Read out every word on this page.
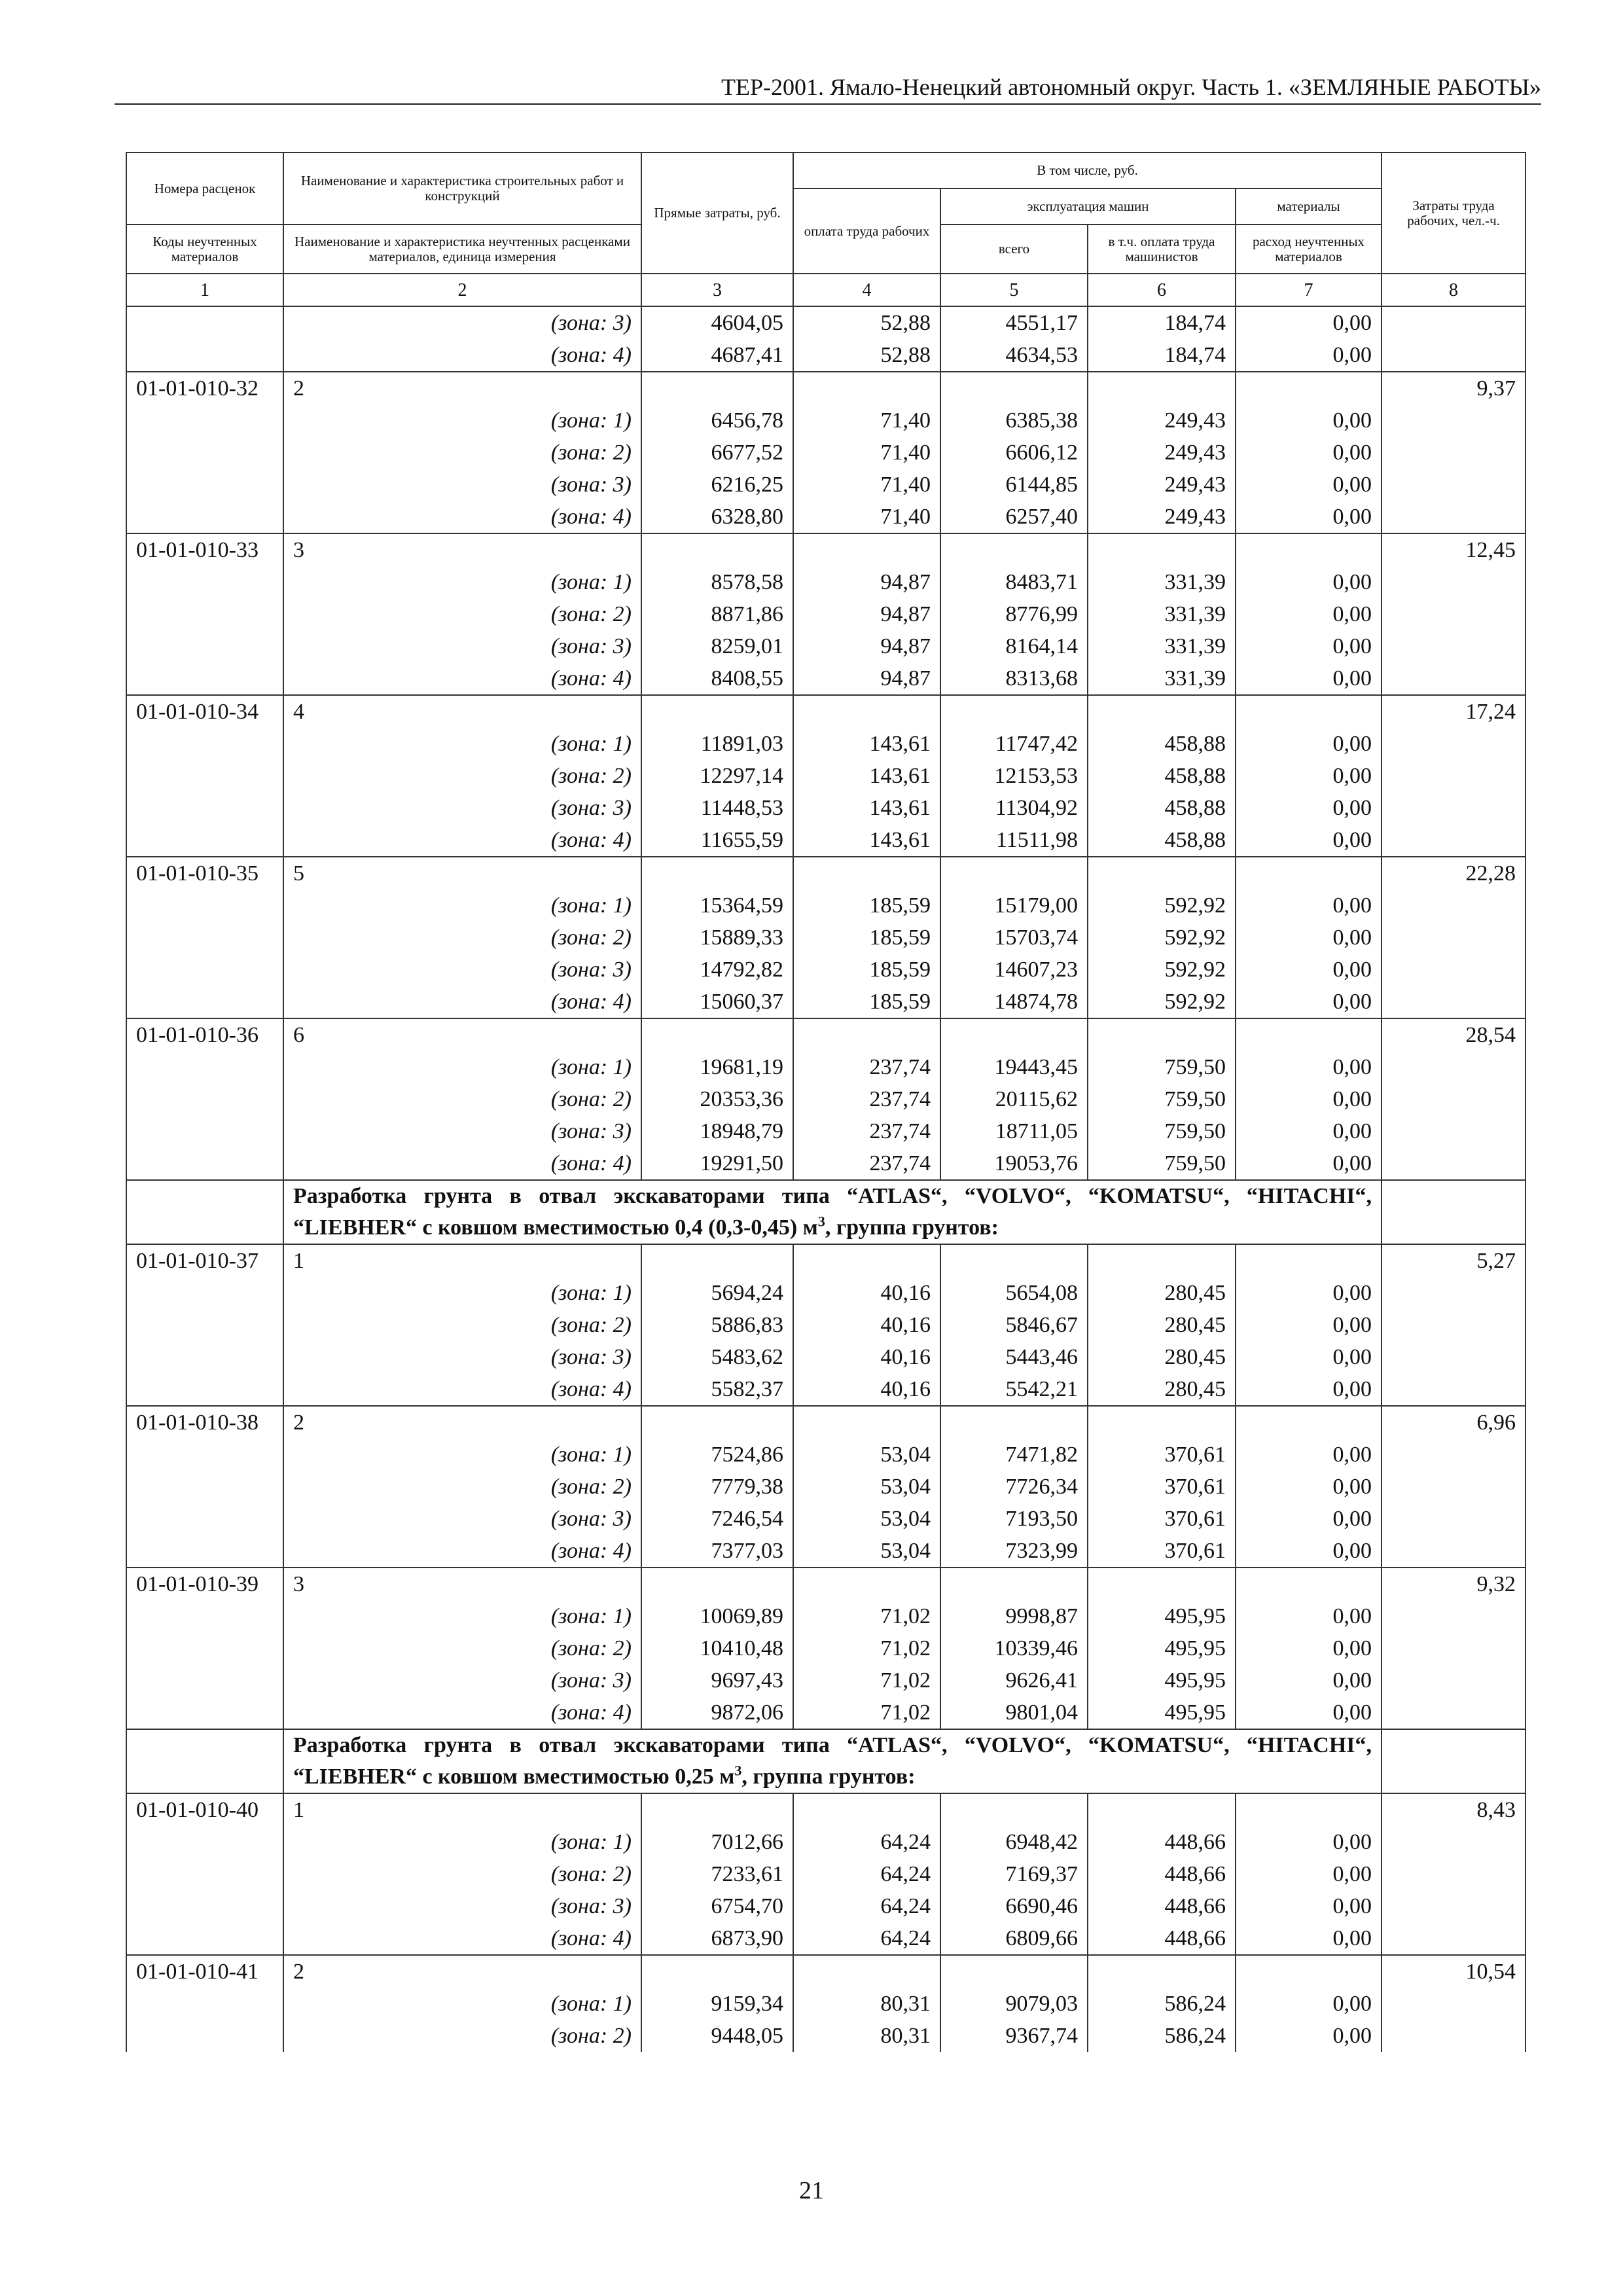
ТЕР-2001. Ямало-Ненецкий автономный округ. Часть 1. «ЗЕМЛЯНЫЕ РАБОТЫ»
Номера расценок	Наименование и характеристика строительных работ и конструкций	Прямые затраты, руб.	В том числе, руб.				Затраты труда рабочих, чел.-ч.
			оплата труда рабочих	эксплуатация машин		материалы	
Коды неучтенных материалов	Наименование и характеристика неучтенных расценками материалов, единица измерения			всего	в т.ч. оплата труда машинистов	расход неучтенных материалов	
1	2	3	4	5	6	7	8
	(зона: 3)	4604,05	52,88	4551,17	184,74	0,00	
	(зона: 4)	4687,41	52,88	4634,53	184,74	0,00	
01-01-010-32	2						9,37
	(зона: 1)	6456,78	71,40	6385,38	249,43	0,00	
	(зона: 2)	6677,52	71,40	6606,12	249,43	0,00	
	(зона: 3)	6216,25	71,40	6144,85	249,43	0,00	
	(зона: 4)	6328,80	71,40	6257,40	249,43	0,00	
01-01-010-33	3						12,45
	(зона: 1)	8578,58	94,87	8483,71	331,39	0,00	
	(зона: 2)	8871,86	94,87	8776,99	331,39	0,00	
	(зона: 3)	8259,01	94,87	8164,14	331,39	0,00	
	(зона: 4)	8408,55	94,87	8313,68	331,39	0,00	
01-01-010-34	4						17,24
	(зона: 1)	11891,03	143,61	11747,42	458,88	0,00	
	(зона: 2)	12297,14	143,61	12153,53	458,88	0,00	
	(зона: 3)	11448,53	143,61	11304,92	458,88	0,00	
	(зона: 4)	11655,59	143,61	11511,98	458,88	0,00	
01-01-010-35	5						22,28
	(зона: 1)	15364,59	185,59	15179,00	592,92	0,00	
	(зона: 2)	15889,33	185,59	15703,74	592,92	0,00	
	(зона: 3)	14792,82	185,59	14607,23	592,92	0,00	
	(зона: 4)	15060,37	185,59	14874,78	592,92	0,00	
01-01-010-36	6						28,54
	(зона: 1)	19681,19	237,74	19443,45	759,50	0,00	
	(зона: 2)	20353,36	237,74	20115,62	759,50	0,00	
	(зона: 3)	18948,79	237,74	18711,05	759,50	0,00	
	(зона: 4)	19291,50	237,74	19053,76	759,50	0,00	
	Разработка грунта в отвал экскаваторами типа “ATLAS“, “VOLVO“, “KOMATSU“, “HITACHI“, “LIEBHER“ с ковшом вместимостью 0,4 (0,3-0,45) $м^3$, группа грунтов:						
01-01-010-37	1						5,27
	(зона: 1)	5694,24	40,16	5654,08	280,45	0,00	
	(зона: 2)	5886,83	40,16	5846,67	280,45	0,00	
	(зона: 3)	5483,62	40,16	5443,46	280,45	0,00	
	(зона: 4)	5582,37	40,16	5542,21	280,45	0,00	
01-01-010-38	2						6,96
	(зона: 1)	7524,86	53,04	7471,82	370,61	0,00	
	(зона: 2)	7779,38	53,04	7726,34	370,61	0,00	
	(зона: 3)	7246,54	53,04	7193,50	370,61	0,00	
	(зона: 4)	7377,03	53,04	7323,99	370,61	0,00	
01-01-010-39	3						9,32
	(зона: 1)	10069,89	71,02	9998,87	495,95	0,00	
	(зона: 2)	10410,48	71,02	10339,46	495,95	0,00	
	(зона: 3)	9697,43	71,02	9626,41	495,95	0,00	
	(зона: 4)	9872,06	71,02	9801,04	495,95	0,00	
	Разработка грунта в отвал экскаваторами типа “ATLAS“, “VOLVO“, “KOMATSU“, “HITACHI“, “LIEBHER“ с ковшом вместимостью 0,25 $м^3$, группа грунтов:						
01-01-010-40	1						8,43
	(зона: 1)	7012,66	64,24	6948,42	448,66	0,00	
	(зона: 2)	7233,61	64,24	7169,37	448,66	0,00	
	(зона: 3)	6754,70	64,24	6690,46	448,66	0,00	
	(зона: 4)	6873,90	64,24	6809,66	448,66	0,00	
01-01-010-41	2						10,54
	(зона: 1)	9159,34	80,31	9079,03	586,24	0,00	
	(зона: 2)	9448,05	80,31	9367,74	586,24	0,00	
21
